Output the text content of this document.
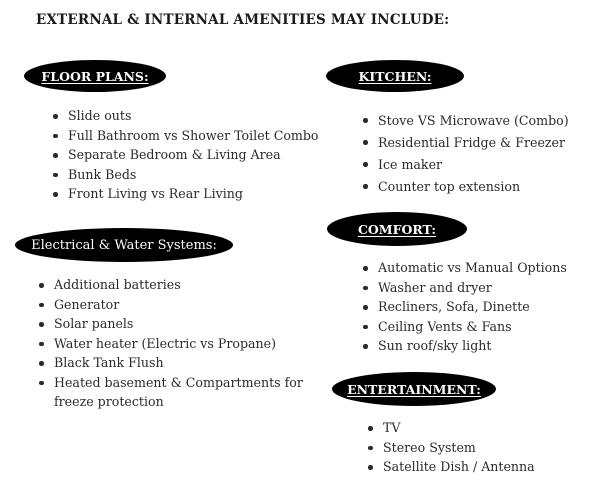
EXTERNAL & INTERNAL AMENITIES MAY INCLUDE:
FLOOR PLANS:
Slide outs
Full Bathroom vs Shower Toilet Combo
Separate Bedroom & Living Area
Bunk Beds
Front Living vs Rear Living
Electrical & Water Systems:
Additional batteries
Generator
Solar panels
Water heater (Electric vs Propane)
Black Tank Flush
Heated basement & Compartments for freeze protection
KITCHEN:
Stove VS Microwave (Combo)
Residential Fridge & Freezer
Ice maker
Counter top extension
COMFORT:
Automatic vs Manual Options
Washer and dryer
Recliners, Sofa, Dinette
Ceiling Vents & Fans
Sun roof/sky light
ENTERTAINMENT:
TV
Stereo System
Satellite Dish / Antenna
